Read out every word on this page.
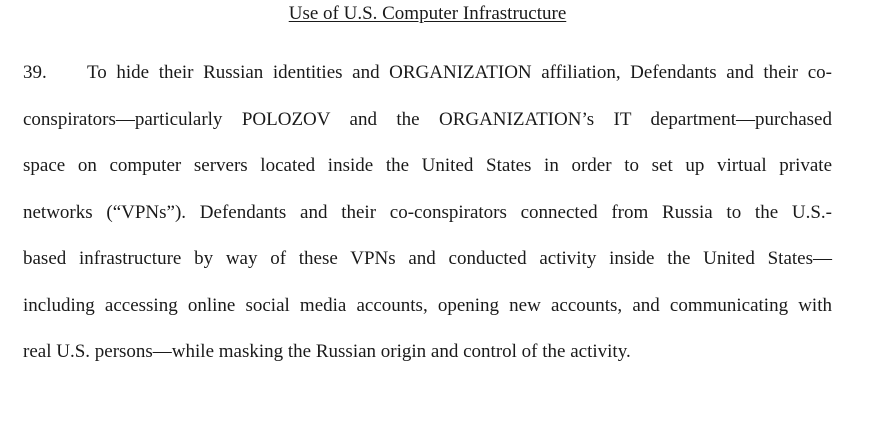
Use of U.S. Computer Infrastructure
39. To hide their Russian identities and ORGANIZATION affiliation, Defendants and their co-
conspirators—particularly POLOZOV and the ORGANIZATION’s IT department—purchased
space on computer servers located inside the United States in order to set up virtual private
networks (“VPNs”). Defendants and their co-conspirators connected from Russia to the U.S.-
based infrastructure by way of these VPNs and conducted activity inside the United States—
including accessing online social media accounts, opening new accounts, and communicating with
real U.S. persons—while masking the Russian origin and control of the activity.
